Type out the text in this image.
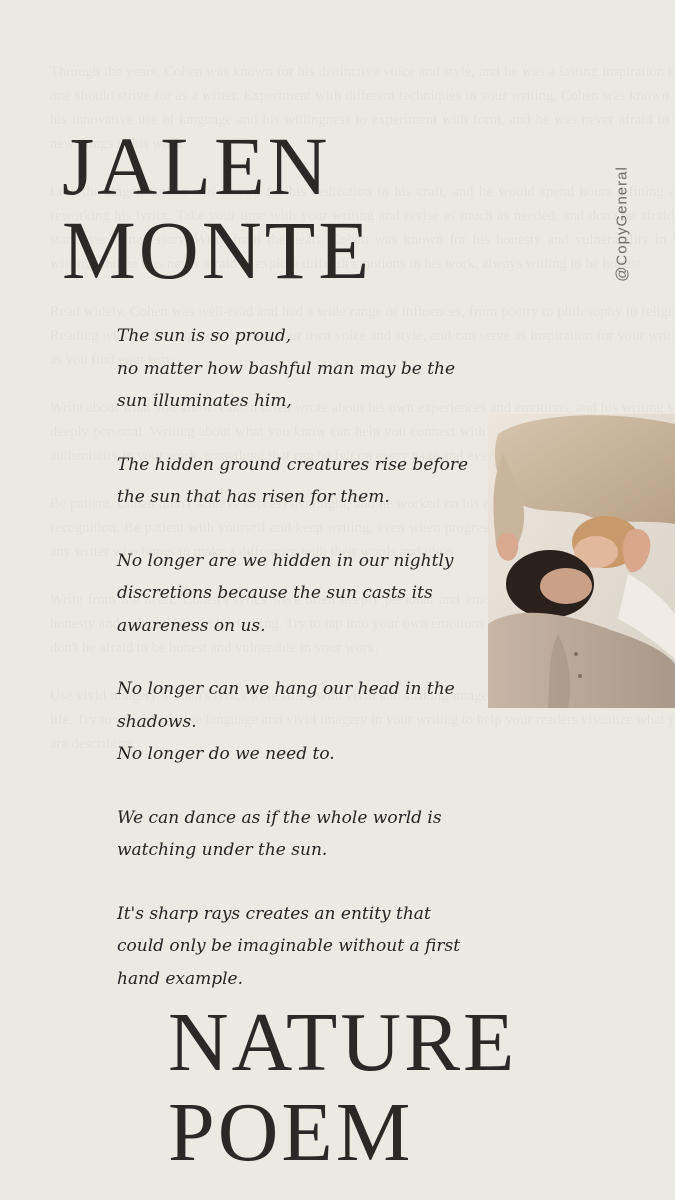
JALEN
MONTE	@CopyGeneral
The sun is so proud,
no matter how bashful man may be the
sun illuminates him,
The hidden ground creatures rise before
the sun that has risen for them.
No longer are we hidden in our nightly
discretions because the sun casts its
awareness on us.
No longer can we hang our head in the
shadows.
No longer do we need to.
We can dance as if the whole world is
watching under the sun.
It's sharp rays creates an entity that
could only be imaginable without a first
hand example.
NATURE
POEM
